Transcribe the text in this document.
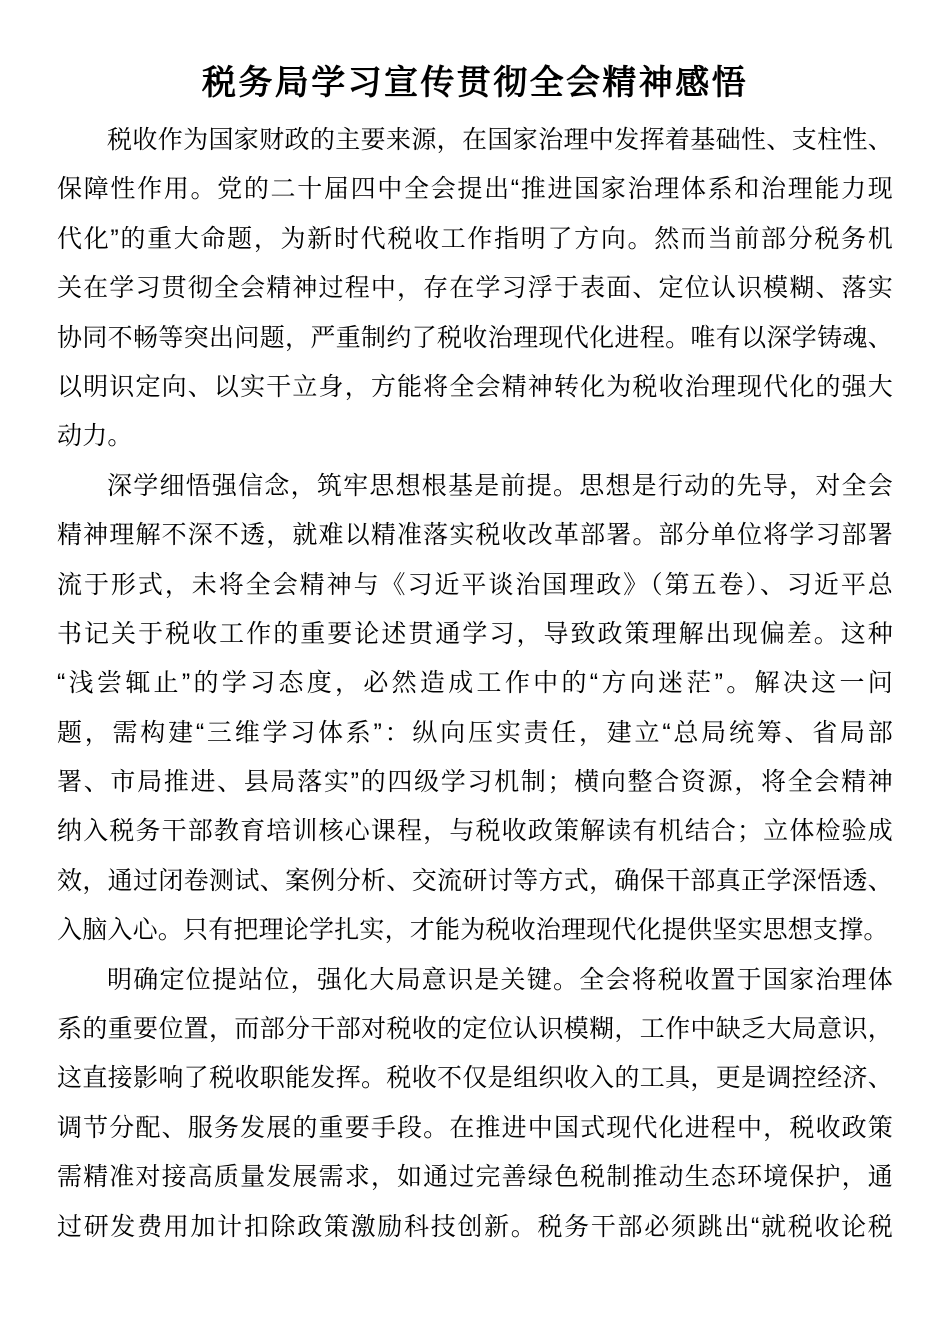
税务局学习宣传贯彻全会精神感悟
税收作为国家财政的主要来源，在国家治理中发挥着基础性、支柱性、
保障性作用。党的二十届四中全会提出“推进国家治理体系和治理能力现
代化”的重大命题，为新时代税收工作指明了方向。然而当前部分税务机
关在学习贯彻全会精神过程中，存在学习浮于表面、定位认识模糊、落实
协同不畅等突出问题，严重制约了税收治理现代化进程。唯有以深学铸魂、
以明识定向、以实干立身，方能将全会精神转化为税收治理现代化的强大
动力。
深学细悟强信念，筑牢思想根基是前提。思想是行动的先导，对全会
精神理解不深不透，就难以精准落实税收改革部署。部分单位将学习部署
流于形式，未将全会精神与《习近平谈治国理政》（第五卷）、习近平总
书记关于税收工作的重要论述贯通学习，导致政策理解出现偏差。这种
“浅尝辄止”的学习态度，必然造成工作中的“方向迷茫”。解决这一问
题，需构建“三维学习体系”：纵向压实责任，建立“总局统筹、省局部
署、市局推进、县局落实”的四级学习机制；横向整合资源，将全会精神
纳入税务干部教育培训核心课程，与税收政策解读有机结合；立体检验成
效，通过闭卷测试、案例分析、交流研讨等方式，确保干部真正学深悟透、
入脑入心。只有把理论学扎实，才能为税收治理现代化提供坚实思想支撑。
明确定位提站位，强化大局意识是关键。全会将税收置于国家治理体
系的重要位置，而部分干部对税收的定位认识模糊，工作中缺乏大局意识，
这直接影响了税收职能发挥。税收不仅是组织收入的工具，更是调控经济、
调节分配、服务发展的重要手段。在推进中国式现代化进程中，税收政策
需精准对接高质量发展需求，如通过完善绿色税制推动生态环境保护，通
过研发费用加计扣除政策激励科技创新。税务干部必须跳出“就税收论税
